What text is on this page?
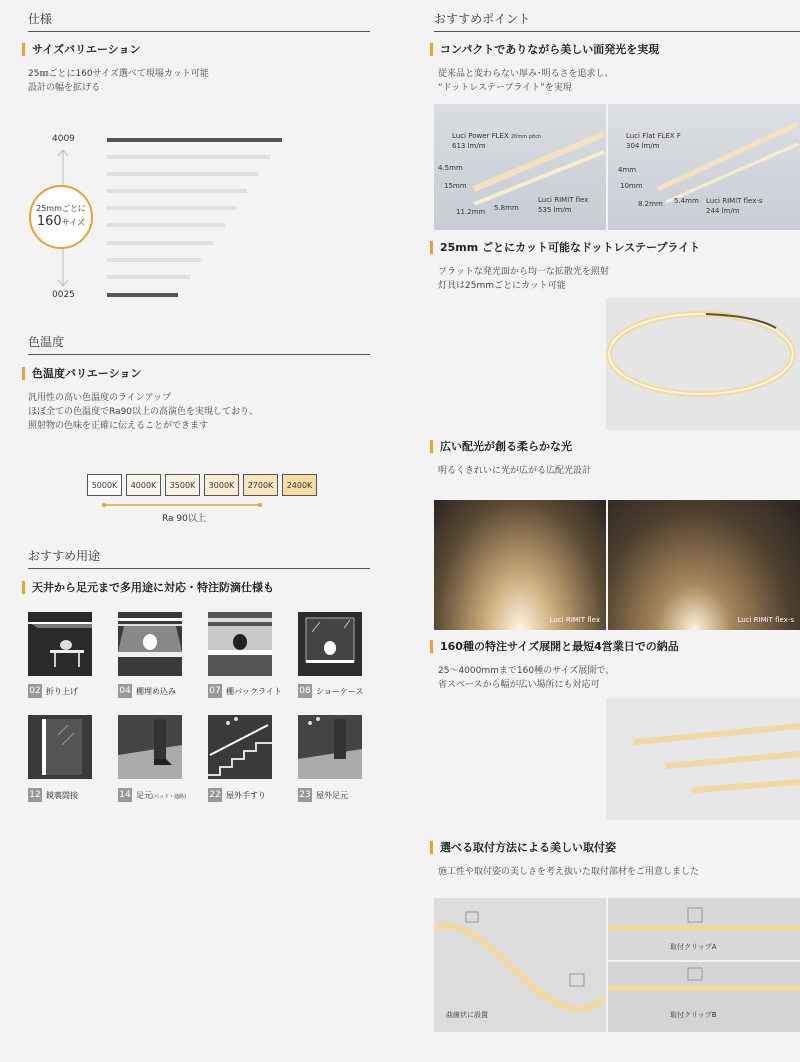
仕様
サイズバリエーション
25㎜ごとに160サイズ選べて現場カット可能
設計の幅を拡げる
4009
0025
25mmごとに
160サイズ
色温度
色温度バリエーション
汎用性の高い色温度のラインアップ
ほぼ全ての色温度でRa90以上の高演色を実現しており、
照射物の色味を正確に伝えることができます
5000K	4000K	3500K	3000K	2700K	2400K
Ra 90以上
おすすめ用途
天井から足元まで多用途に対応・特注防滴仕様も
02 折り上げ	04 棚埋め込み	07 棚バックライト 08 ショーケース
12 鏡裏間接	14 足元(ベッド・通路)	22 屋外手すり	23 屋外足元
おすすめポイント
コンパクトでありながら美しい面発光を実現
従来品と変わらない厚み･明るさを追求し、
“ドットレステープライト”を実現
Luci Power FLEX 20mm pitch
613 lm/m
4.5mm
15mm
11.2mm 5.8mm
Luci RIMiT flex
535 lm/m
Luci Flat FLEX F
304 lm/m
4mm
10mm
8.2mm 5.4mm Luci RIMiT flex-s
244 lm/m
25mm ごとにカット可能なドットレステープライト
フラットな発光面から均一な拡散光を照射
灯具は25mmごとにカット可能
広い配光が創る柔らかな光
明るくきれいに光が広がる広配光設計
Luci RIMiT flex	Luci RIMiT flex-s
160種の特注サイズ展開と最短4営業日での納品
25～4000mmまで160種のサイズ展開で、
省スペースから幅が広い場所にも対応可
選べる取付方法による美しい取付姿
施工性や取付姿の美しさを考え抜いた取付部材をご用意しました
曲線状に設置
取付クリップA
取付クリップB
